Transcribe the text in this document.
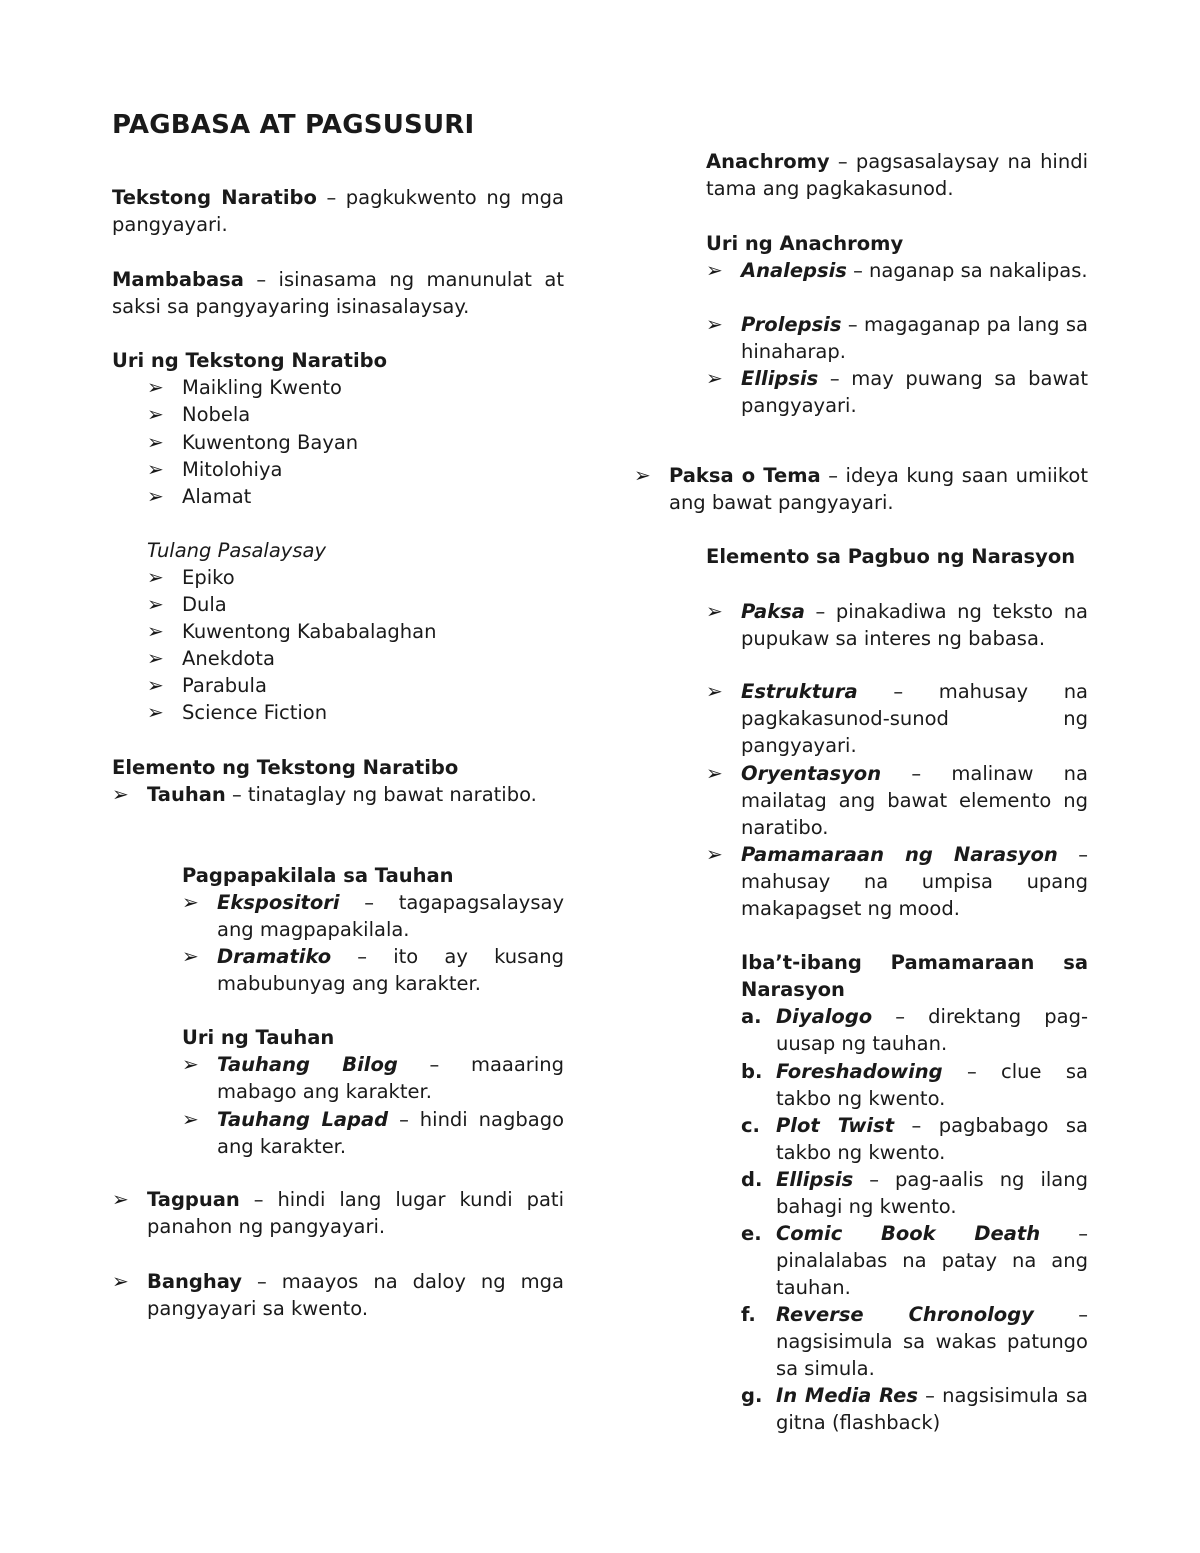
PAGBASA AT PAGSUSURI
Tekstong Naratibo – pagkukwento ng mga pangyayari.
Mambabasa – isinasama ng manunulat at saksi sa pangyayaring isinasalaysay.
Uri ng Tekstong Naratibo
➢ Maikling Kwento
➢ Nobela
➢ Kuwentong Bayan
➢ Mitolohiya
➢ Alamat
Tulang Pasalaysay
➢ Epiko
➢ Dula
➢ Kuwentong Kababalaghan
➢ Anekdota
➢ Parabula
➢ Science Fiction
Elemento ng Tekstong Naratibo
➢ Tauhan – tinataglay ng bawat naratibo.
Pagpapakilala sa Tauhan
➢ Ekspositori – tagapagsalaysay ang magpapakilala.
➢ Dramatiko – ito ay kusang mabubunyag ang karakter.
Uri ng Tauhan
➢ Tauhang Bilog – maaaring mabago ang karakter.
➢ Tauhang Lapad – hindi nagbago ang karakter.
➢ Tagpuan – hindi lang lugar kundi pati panahon ng pangyayari.
➢ Banghay – maayos na daloy ng mga pangyayari sa kwento.
Anachromy – pagsasalaysay na hindi tama ang pagkakasunod.
Uri ng Anachromy
➢ Analepsis – naganap sa nakalipas.
➢ Prolepsis – magaganap pa lang sa hinaharap.
➢ Ellipsis – may puwang sa bawat pangyayari.
➢ Paksa o Tema – ideya kung saan umiikot ang bawat pangyayari.
Elemento sa Pagbuo ng Narasyon
➢ Paksa – pinakadiwa ng teksto na pupukaw sa interes ng babasa.
➢ Estruktura – mahusay na pagkakasunod-sunod ng pangyayari.
➢ Oryentasyon – malinaw na mailatag ang bawat elemento ng naratibo.
➢ Pamamaraan ng Narasyon – mahusay na umpisa upang makapagset ng mood.
Iba’t-ibang Pamamaraan sa Narasyon
a. Diyalogo – direktang pag-uusap ng tauhan.
b. Foreshadowing – clue sa takbo ng kwento.
c. Plot Twist – pagbabago sa takbo ng kwento.
d. Ellipsis – pag-aalis ng ilang bahagi ng kwento.
e. Comic Book Death – pinalalabas na patay na ang tauhan.
f. Reverse Chronology – nagsisimula sa wakas patungo sa simula.
g. In Media Res – nagsisimula sa gitna (flashback)
